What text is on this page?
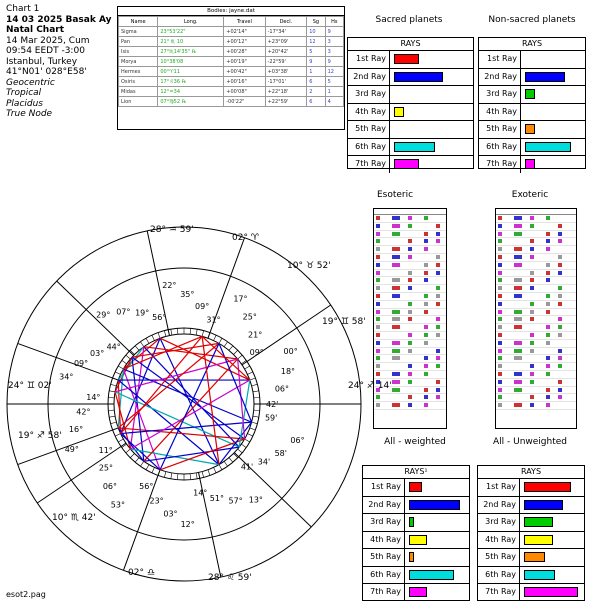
Chart 1
14 03 2025 Basak Ay
Natal Chart
14 Mar 2025, Cum
09:54 EEDT -3:00
Istanbul, Turkey
41°N01' 028°E58'
Geocentric
Tropical
Placidus
True Node
Bodies: jayne.dat
Name	Long.	Travel	Decl.	Sg	Hs
Sigma	23°53'22"	+02'14"	-17°34'	10	9
Pan	21° ♏ 10	+00'12"	+23°09'	12	3
Isis	27°♏14'35" ℞	+00'28"	+20°42'	5	3
Morya	10°38'08	+00'19"	-22°59'	9	9
Hermes	00°♈11	+00'42"	+03°38'	1	12
Osiris	17°♌36 ℞	+00'16"	-17°01'	6	5
Midas	12°♒34	+00'08"	+22°18'	2	1
Lion	07°♍52 ℞	-00'22"	+22°59'	6	4
Sacred planets
RAYS
1st Ray
2nd Ray
3rd Ray
4th Ray
5th Ray
6th Ray
7th Ray
Non-sacred planets
RAYS
1st Ray
2nd Ray
3rd Ray
4th Ray
5th Ray
6th Ray
7th Ray
Esoteric
	Exoteric

All - weighted	All - Unweighted
RAYS¹
1st Ray
2nd Ray
3rd Ray
4th Ray
5th Ray
6th Ray
7th Ray
RAYS
1st Ray
2nd Ray
3rd Ray
4th Ray
5th Ray
6th Ray
7th Ray
24° ♊ 02'
28° ♒ 59'
02° ♈
10° ♉ 52'
19° ♊ 58'
24° ♐ 14'
28° ♌ 59'
02° ♎
10° ♏ 42'
19° ♐ 58'
42'
06°
18°
00°
09°
21°
25°
17°
31°
09°
35°
22°
56°
19°
07°
29°
44°
03°
09°
34°
14°
42°
16°
49° 11°
25°
06°
53°
56°
23°
03°
12°
14°
51° 57° 13°
41'
34'
58'
06°
59'
esot2.pag
